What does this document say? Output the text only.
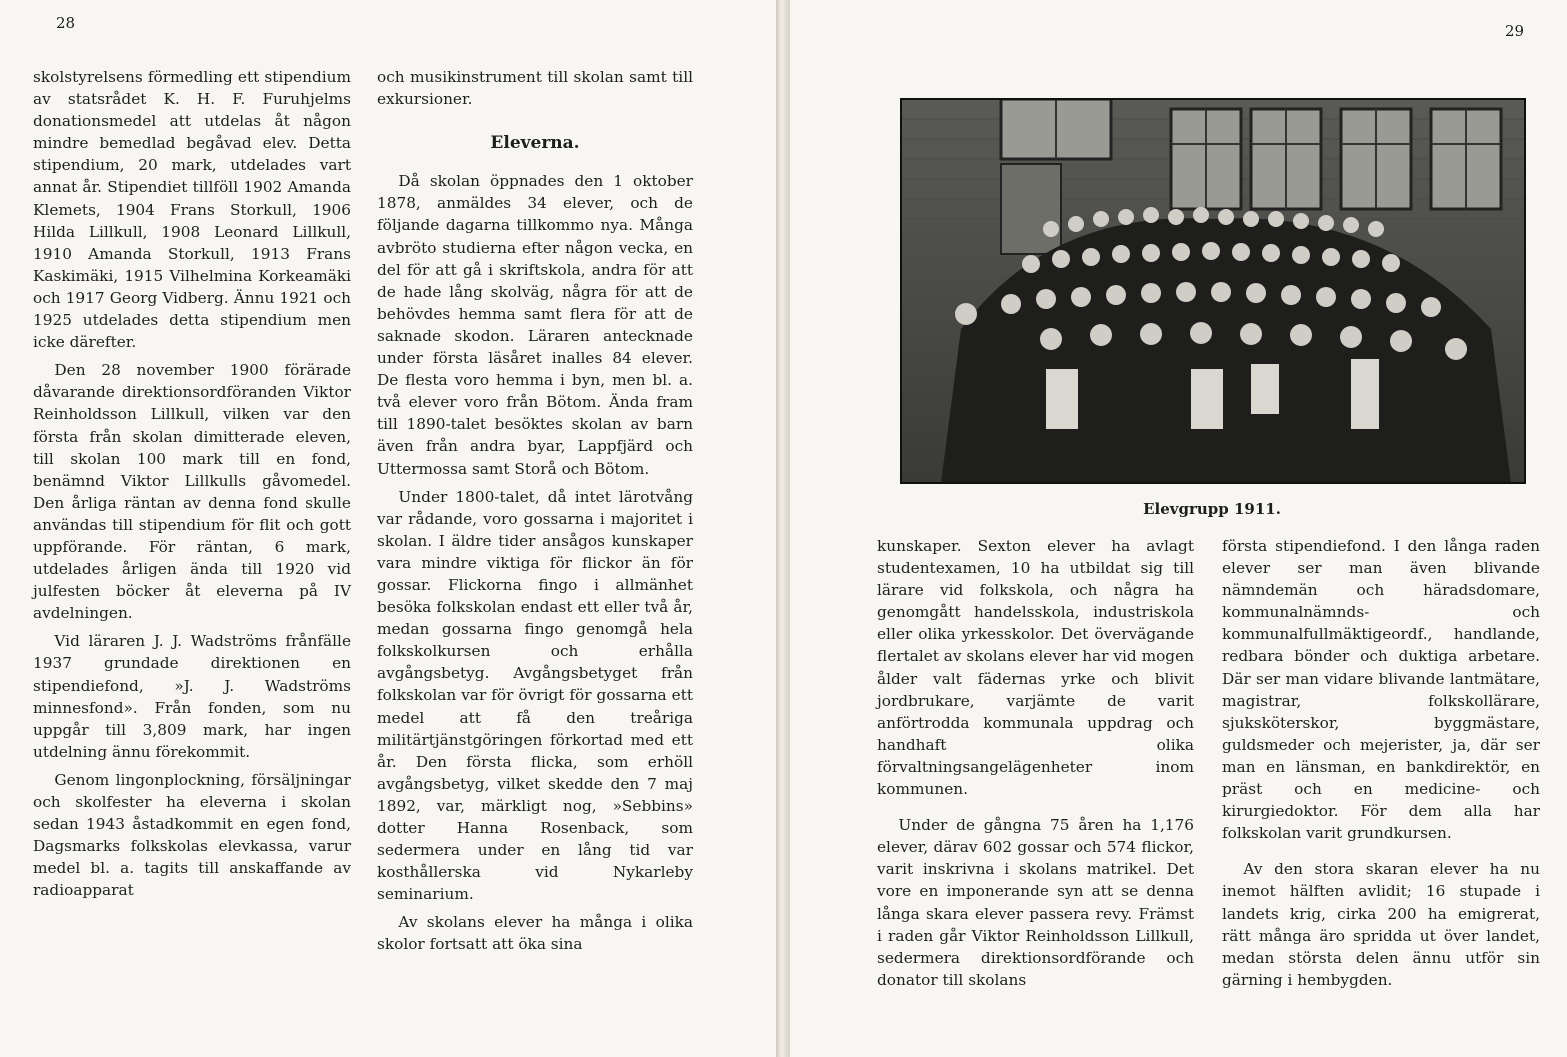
28

skolstyrelsens förmedling ett stipendium av statsrådet K. H. F. Furuhjelms donationsmedel att utdelas åt någon mindre bemedlad begåvad elev. Detta stipendium, 20 mark, utdelades vart annat år. Stipendiet tillföll 1902 Amanda Klemets, 1904 Frans Storkull, 1906 Hilda Lillkull, 1908 Leonard Lillkull, 1910 Amanda Storkull, 1913 Frans Kaskimäki, 1915 Vilhelmina Korkeamäki och 1917 Georg Vidberg. Ännu 1921 och 1925 utdelades detta stipendium men icke därefter.

Den 28 november 1900 förärade dåvarande direktionsordföranden Viktor Reinholdsson Lillkull, vilken var den första från skolan dimitterade eleven, till skolan 100 mark till en fond, benämnd Viktor Lillkulls gåvomedel. Den årliga räntan av denna fond skulle användas till stipendium för flit och gott uppförande. För räntan, 6 mark, utdelades årligen ända till 1920 vid julfesten böcker åt eleverna på IV avdelningen.

Vid läraren J. J. Wadströms frånfälle 1937 grundade direktionen en stipendiefond, »J. J. Wadströms minnesfond». Från fonden, som nu uppgår till 3,809 mark, har ingen utdelning ännu förekommit.

Genom lingonplockning, försäljningar och skolfester ha eleverna i skolan sedan 1943 åstadkommit en egen fond, Dagsmarks folkskolas elevkassa, varur medel bl. a. tagits till anskaffande av radioapparat

och musikinstrument till skolan samt till exkursioner.

Eleverna.

Då skolan öppnades den 1 oktober 1878, anmäldes 34 elever, och de följande dagarna tillkommo nya. Många avbröto studierna efter någon vecka, en del för att gå i skriftskola, andra för att de hade lång skolväg, några för att de behövdes hemma samt flera för att de saknade skodon. Läraren antecknade under första läsåret inalles 84 elever. De flesta voro hemma i byn, men bl. a. två elever voro från Bötom. Ända fram till 1890-talet besöktes skolan av barn även från andra byar, Lappfjärd och Uttermossa samt Storå och Bötom.

Under 1800-talet, då intet lärotvång var rådande, voro gossarna i majoritet i skolan. I äldre tider ansågos kunskaper vara mindre viktiga för flickor än för gossar. Flickorna fingo i allmänhet besöka folkskolan endast ett eller två år, medan gossarna fingo genomgå hela folkskolkursen och erhålla avgångsbetyg. Avgångsbetyget från folkskolan var för övrigt för gossarna ett medel att få den treåriga militärtjänstgöringen förkortad med ett år. Den första flicka, som erhöll avgångsbetyg, vilket skedde den 7 maj 1892, var, märkligt nog, »Sebbins» dotter Hanna Rosenback, som sedermera under en lång tid var kosthållerska vid Nykarleby seminarium.

Av skolans elever ha många i olika skolor fortsatt att öka sina

29
Elevgrupp 1911.

kunskaper. Sexton elever ha avlagt studentexamen, 10 ha utbildat sig till lärare vid folkskola, och några ha genomgått handelsskola, industriskola eller olika yrkesskolor. Det övervägande flertalet av skolans elever har vid mogen ålder valt fädernas yrke och blivit jordbrukare, varjämte de varit anförtrodda kommunala uppdrag och handhaft olika förvaltningsangelägenheter inom kommunen.

Under de gångna 75 åren ha 1,176 elever, därav 602 gossar och 574 flickor, varit inskrivna i skolans matrikel. Det vore en imponerande syn att se denna långa skara elever passera revy. Främst i raden går Viktor Reinholdsson Lillkull, sedermera direktionsordförande och donator till skolans

förstа stipendiefond. I den långa raden elever ser man även blivande nämndemän och häradsdomare, kommunalnämnds- och kommunalfullmäktigeordf., handlande, redbara bönder och duktiga arbetare. Där ser man vidare blivande lantmätare, magistrar, folkskollärare, sjuksköterskor, byggmästare, guldsmeder och mejerister, ja, där ser man en länsman, en bankdirektör, en präst och en medicine- och kirurgiedoktor. För dem alla har folkskolan varit grundkursen.

Av den stora skaran elever ha nu inemot hälften avlidit; 16 stupade i landets krig, cirka 200 ha emigrerat, rätt många äro spridda ut över landet, medan största delen ännu utför sin gärning i hembygden.
